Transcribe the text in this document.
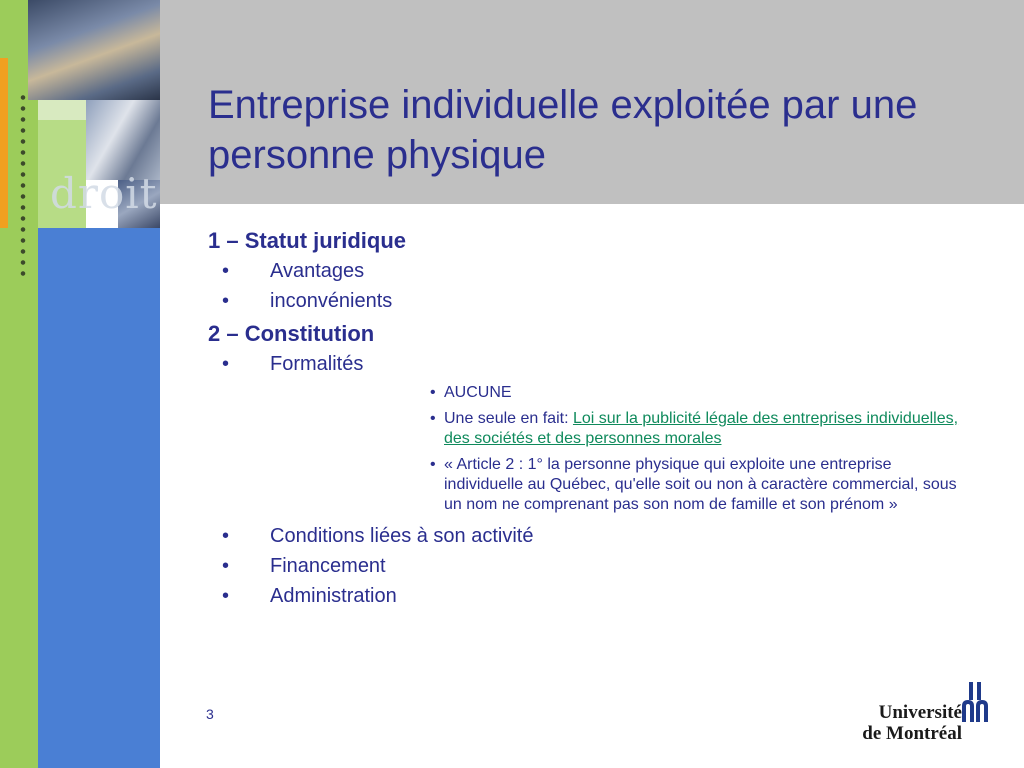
droit
Entreprise individuelle exploitée par une personne physique

1 – Statut juridique

• Avantages

• inconvénients

2 – Constitution

• Formalités

• AUCUNE

• Une seule en fait: Loi sur la publicité légale des entreprises individuelles, des sociétés et des personnes morales

• « Article 2 : 1° la personne physique qui exploite une entreprise individuelle au Québec, qu'elle soit ou non à caractère commercial, sous un nom ne comprenant pas son nom de famille et son prénom »

• Conditions liées à son activité

• Financement

• Administration

3	Université
de Montréal
